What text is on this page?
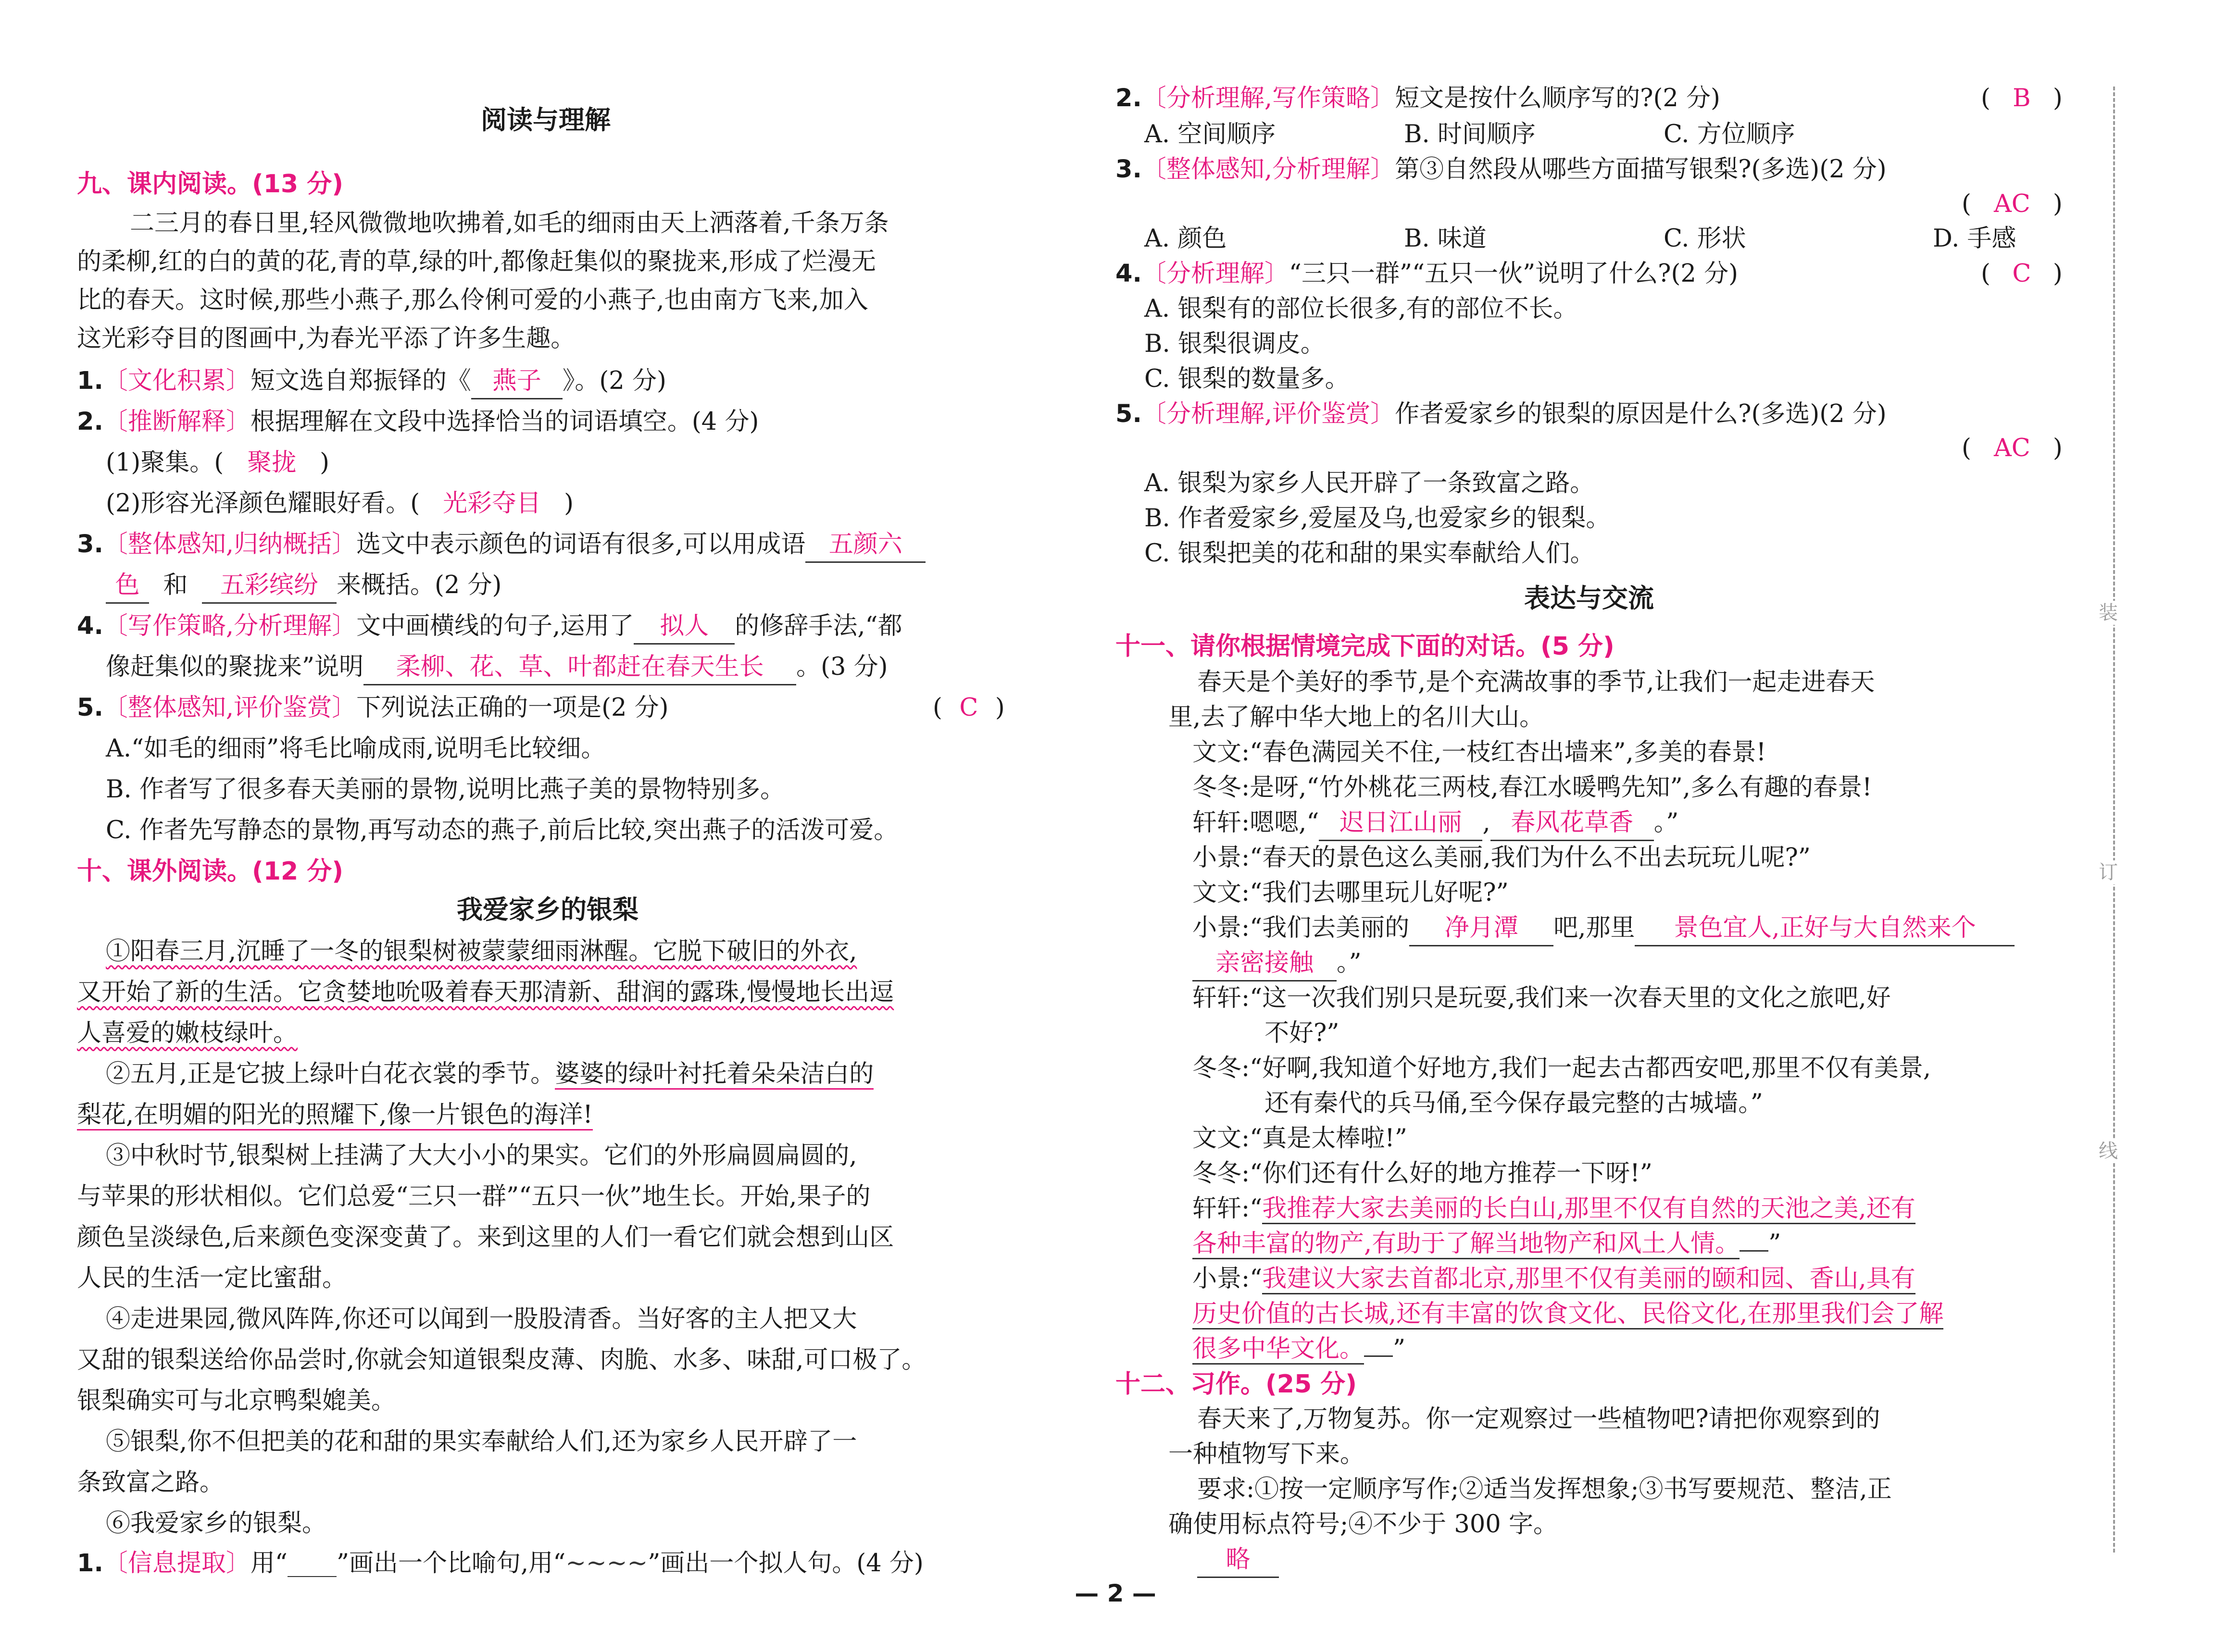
阅读与理解
九、课内阅读。(13 分)
二三月的春日里,轻风微微地吹拂着,如毛的细雨由天上洒落着,千条万条
的柔柳,红的白的黄的花,青的草,绿的叶,都像赶集似的聚拢来,形成了烂漫无
比的春天。这时候,那些小燕子,那么伶俐可爱的小燕子,也由南方飞来,加入
这光彩夺目的图画中,为春光平添了许多生趣。
1.〔文化积累〕短文选自郑振铎的《 燕子 》。(2 分)
2.〔推断解释〕根据理解在文段中选择恰当的词语填空。(4 分)
(1)聚集。( 聚拢 )
(2)形容光泽颜色耀眼好看。( 光彩夺目 )
3.〔整体感知,归纳概括〕选文中表示颜色的词语有很多,可以用成语 五颜六
色 和 五彩缤纷 来概括。(2 分)
4.〔写作策略,分析理解〕文中画横线的句子,运用了 拟人 的修辞手法,“都
像赶集似的聚拢来”说明 柔柳、花、草、叶都赶在春天生长 。(3 分)
5.〔整体感知,评价鉴赏〕下列说法正确的一项是(2 分)	( C )
A.“如毛的细雨”将毛比喻成雨,说明毛比较细。
B. 作者写了很多春天美丽的景物,说明比燕子美的景物特别多。
C. 作者先写静态的景物,再写动态的燕子,前后比较,突出燕子的活泼可爱。
十、课外阅读。(12 分)
我爱家乡的银梨
①阳春三月,沉睡了一冬的银梨树被蒙蒙细雨淋醒。它脱下破旧的外衣,
又开始了新的生活。它贪婪地吮吸着春天那清新、甜润的露珠,慢慢地长出逗
人喜爱的嫩枝绿叶。
②五月,正是它披上绿叶白花衣裳的季节。婆婆的绿叶衬托着朵朵洁白的
梨花,在明媚的阳光的照耀下,像一片银色的海洋!
③中秋时节,银梨树上挂满了大大小小的果实。它们的外形扁圆扁圆的,
与苹果的形状相似。它们总爱“三只一群”“五只一伙”地生长。开始,果子的
颜色呈淡绿色,后来颜色变深变黄了。来到这里的人们一看它们就会想到山区
人民的生活一定比蜜甜。
④走进果园,微风阵阵,你还可以闻到一股股清香。当好客的主人把又大
又甜的银梨送给你品尝时,你就会知道银梨皮薄、肉脆、水多、味甜,可口极了。
银梨确实可与北京鸭梨媲美。
⑤银梨,你不但把美的花和甜的果实奉献给人们,还为家乡人民开辟了一
条致富之路。
⑥我爱家乡的银梨。
1.〔信息提取〕用“____”画出一个比喻句,用“~~~~”画出一个拟人句。(4 分)
2.〔分析理解,写作策略〕短文是按什么顺序写的?(2 分)	( B )
A. 空间顺序	B. 时间顺序	C. 方位顺序
3.〔整体感知,分析理解〕第③自然段从哪些方面描写银梨?(多选)(2 分)
( AC )
A. 颜色	B. 味道	C. 形状	D. 手感
4.〔分析理解〕“三只一群”“五只一伙”说明了什么?(2 分)	( C )
A. 银梨有的部位长很多,有的部位不长。
B. 银梨很调皮。
C. 银梨的数量多。
5.〔分析理解,评价鉴赏〕作者爱家乡的银梨的原因是什么?(多选)(2 分)
( AC )
A. 银梨为家乡人民开辟了一条致富之路。
B. 作者爱家乡,爱屋及乌,也爱家乡的银梨。
C. 银梨把美的花和甜的果实奉献给人们。
表达与交流
十一、请你根据情境完成下面的对话。(5 分)
春天是个美好的季节,是个充满故事的季节,让我们一起走进春天
里,去了解中华大地上的名川大山。
文文:“春色满园关不住,一枝红杏出墙来”,多美的春景!
冬冬:是呀,“竹外桃花三两枝,春江水暖鸭先知”,多么有趣的春景!
轩轩:嗯嗯,“ 迟日江山丽 , 春风花草香 。”
小景:“春天的景色这么美丽,我们为什么不出去玩玩儿呢?”
文文:“我们去哪里玩儿好呢?”
小景:“我们去美丽的 净月潭 吧,那里 景色宜人,正好与大自然来个
亲密接触 。”
轩轩:“这一次我们别只是玩耍,我们来一次春天里的文化之旅吧,好
不好?”
冬冬:“好啊,我知道个好地方,我们一起去古都西安吧,那里不仅有美景,
还有秦代的兵马俑,至今保存最完整的古城墙。”
文文:“真是太棒啦!”
冬冬:“你们还有什么好的地方推荐一下呀!”
轩轩:“我推荐大家去美丽的长白山,那里不仅有自然的天池之美,还有
各种丰富的物产,有助于了解当地物产和风土人情。 ”
小景:“我建议大家去首都北京,那里不仅有美丽的颐和园、香山,具有
历史价值的古长城,还有丰富的饮食文化、民俗文化,在那里我们会了解
很多中华文化。 ”
十二、习作。(25 分)
春天来了,万物复苏。你一定观察过一些植物吧?请把你观察到的
一种植物写下来。
要求:①按一定顺序写作;②适当发挥想象;③书写要规范、整洁,正
确使用标点符号;④不少于 300 字。
略
装
订
线
— 2 —
